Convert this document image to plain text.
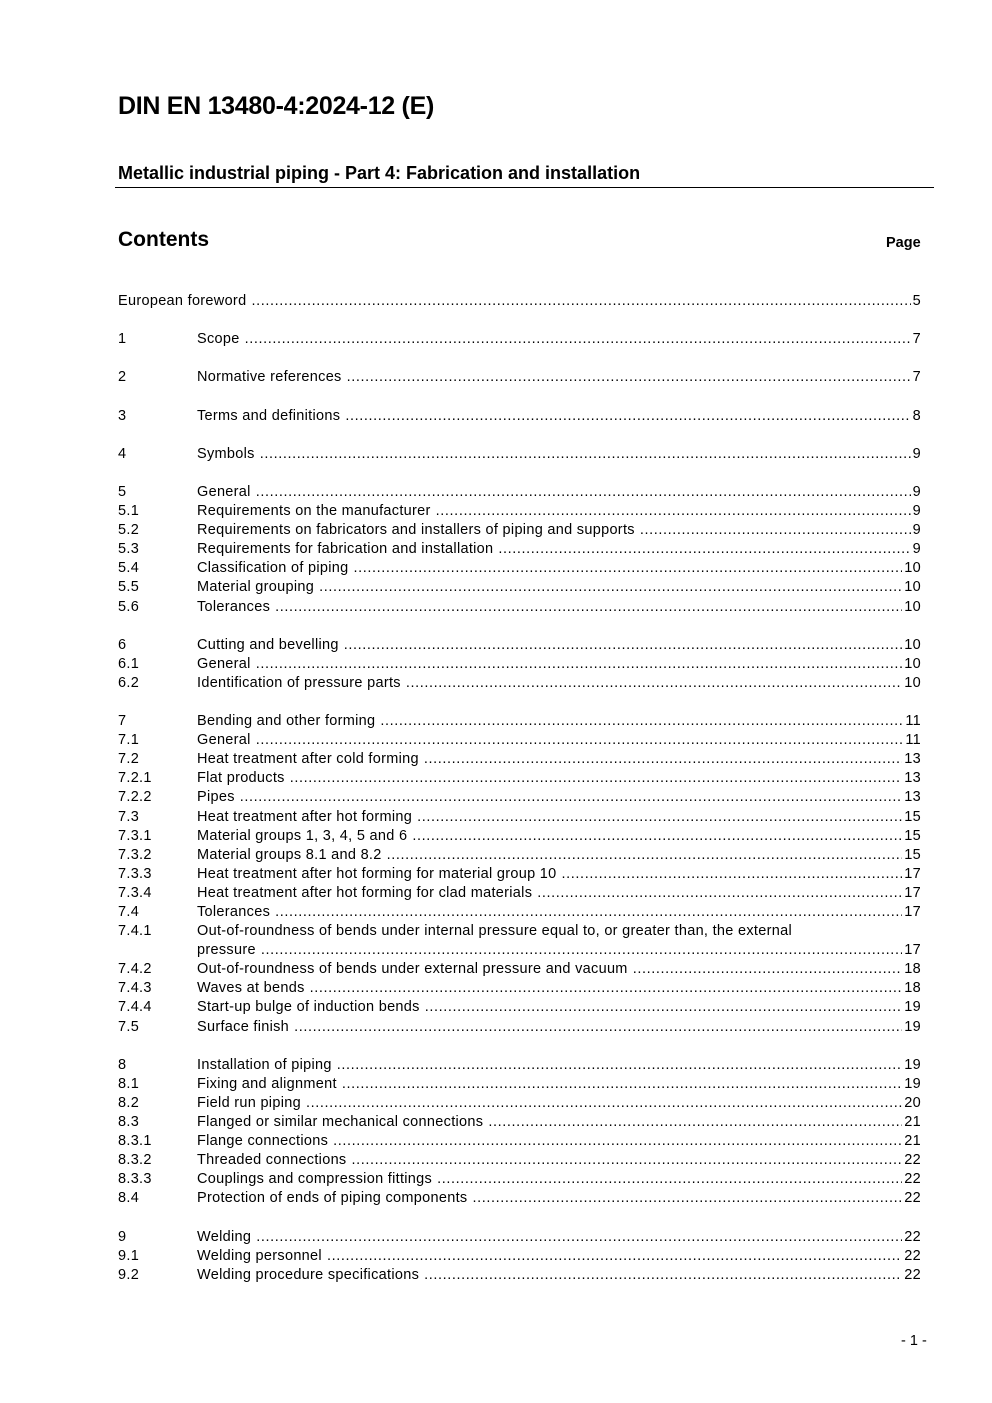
DIN EN 13480-4:2024-12 (E)
Metallic industrial piping - Part 4: Fabrication and installation
Contents	Page
European foreword .....	5
1	Scope .....	7
2	Normative references .....	7
3	Terms and definitions .....	8
4	Symbols .....	9
5	General .....	9
5.1	Requirements on the manufacturer .....	9
5.2	Requirements on fabricators and installers of piping and supports .....	9
5.3	Requirements for fabrication and installation .....	9
5.4	Classification of piping .....	10
5.5	Material grouping .....	10
5.6	Tolerances .....	10
6	Cutting and bevelling .....	10
6.1	General .....	10
6.2	Identification of pressure parts .....	10
7	Bending and other forming .....	11
7.1	General .....	11
7.2	Heat treatment after cold forming .....	13
7.2.1	Flat products .....	13
7.2.2	Pipes .....	13
7.3	Heat treatment after hot forming .....	15
7.3.1	Material groups 1, 3, 4, 5 and 6 .....	15
7.3.2	Material groups 8.1 and 8.2 .....	15
7.3.3	Heat treatment after hot forming for material group 10 .....	17
7.3.4	Heat treatment after hot forming for clad materials .....	17
7.4	Tolerances .....	17
7.4.1	Out-of-roundness of bends under internal pressure equal to, or greater than, the external
pressure .....	17
7.4.2	Out-of-roundness of bends under external pressure and vacuum .....	18
7.4.3	Waves at bends .....	18
7.4.4	Start-up bulge of induction bends .....	19
7.5	Surface finish .....	19
8	Installation of piping .....	19
8.1	Fixing and alignment .....	19
8.2	Field run piping .....	20
8.3	Flanged or similar mechanical connections .....	21
8.3.1	Flange connections .....	21
8.3.2	Threaded connections .....	22
8.3.3	Couplings and compression fittings .....	22
8.4	Protection of ends of piping components .....	22
9	Welding .....	22
9.1	Welding personnel .....	22
9.2	Welding procedure specifications .....	22
- 1 -
